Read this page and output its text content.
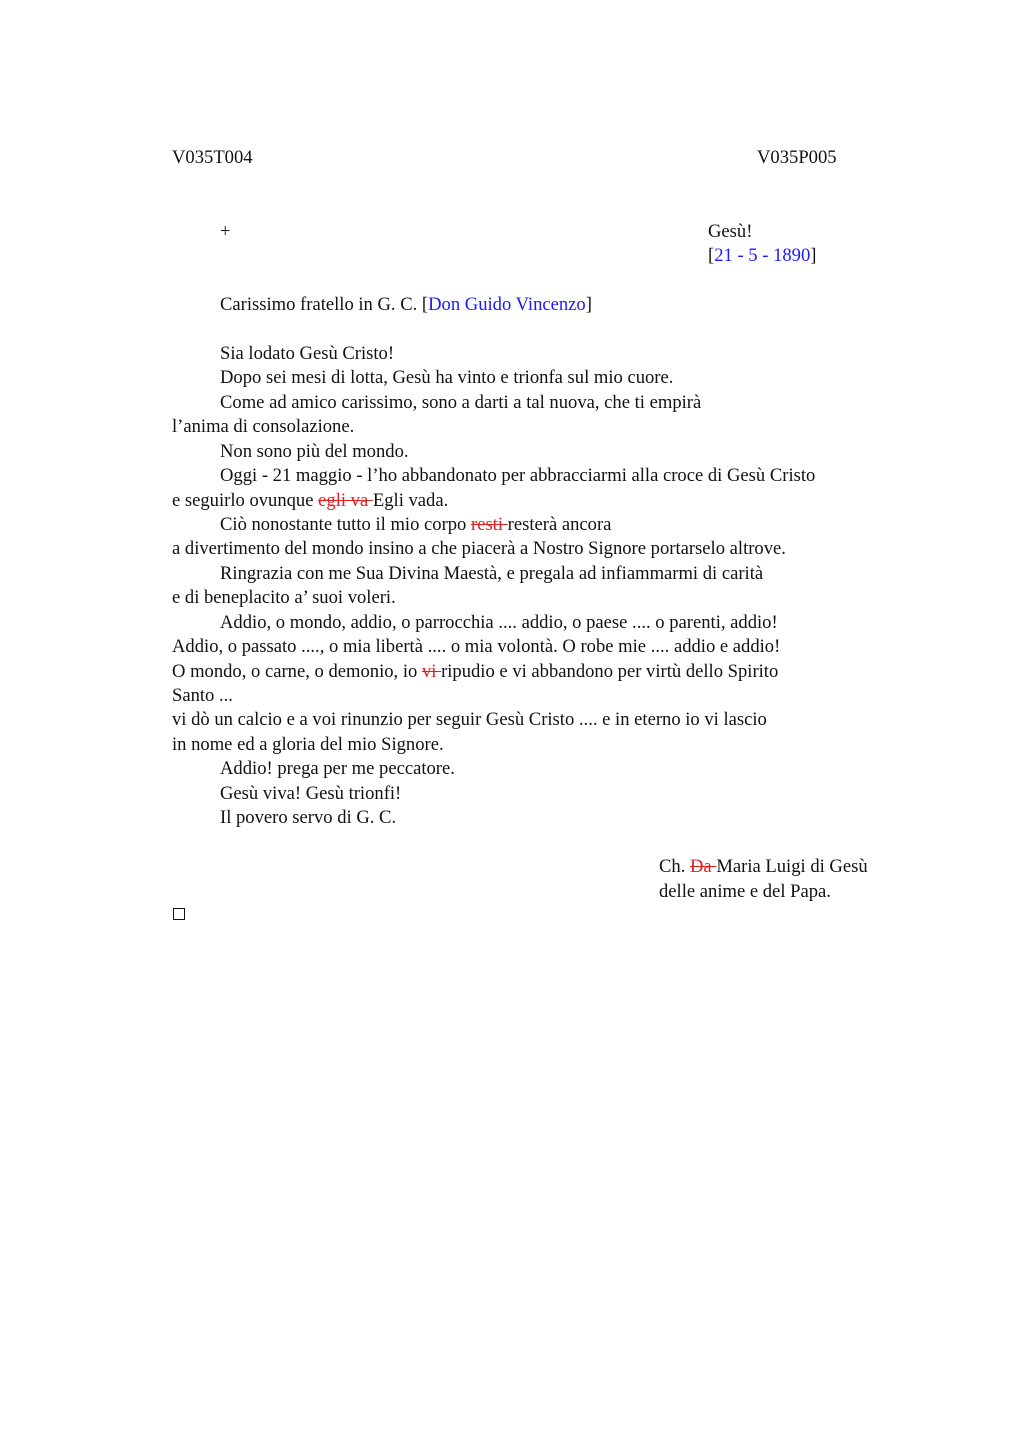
V035T004	V035P005
+	Gesù!
[21 - 5 - 1890]
Carissimo fratello in G. C. [Don Guido Vincenzo]
Sia lodato Gesù Cristo!
Dopo sei mesi di lotta, Gesù ha vinto e trionfa sul mio cuore.
Come ad amico carissimo, sono a darti a tal nuova, che ti empirà
l’anima di consolazione.
Non sono più del mondo.
Oggi - 21 maggio - l’ho abbandonato per abbracciarmi alla croce di Gesù Cristo
e seguirlo ovunque egli va Egli vada.
Ciò nonostante tutto il mio corpo resti resterà ancora
a divertimento del mondo insino a che piacerà a Nostro Signore portarselo altrove.
Ringrazia con me Sua Divina Maestà, e pregala ad infiammarmi di carità
e di beneplacito a’ suoi voleri.
Addio, o mondo, addio, o parrocchia .... addio, o paese .... o parenti, addio!
Addio, o passato ...., o mia libertà .... o mia volontà. O robe mie .... addio e addio!
O mondo, o carne, o demonio, io vi ripudio e vi abbandono per virtù dello Spirito
Santo ...
vi dò un calcio e a voi rinunzio per seguir Gesù Cristo .... e in eterno io vi lascio
in nome ed a gloria del mio Signore.
Addio! prega per me peccatore.
Gesù viva! Gesù trionfi!
Il povero servo di G. C.
Ch. Da Maria Luigi di Gesù
delle anime e del Papa.
